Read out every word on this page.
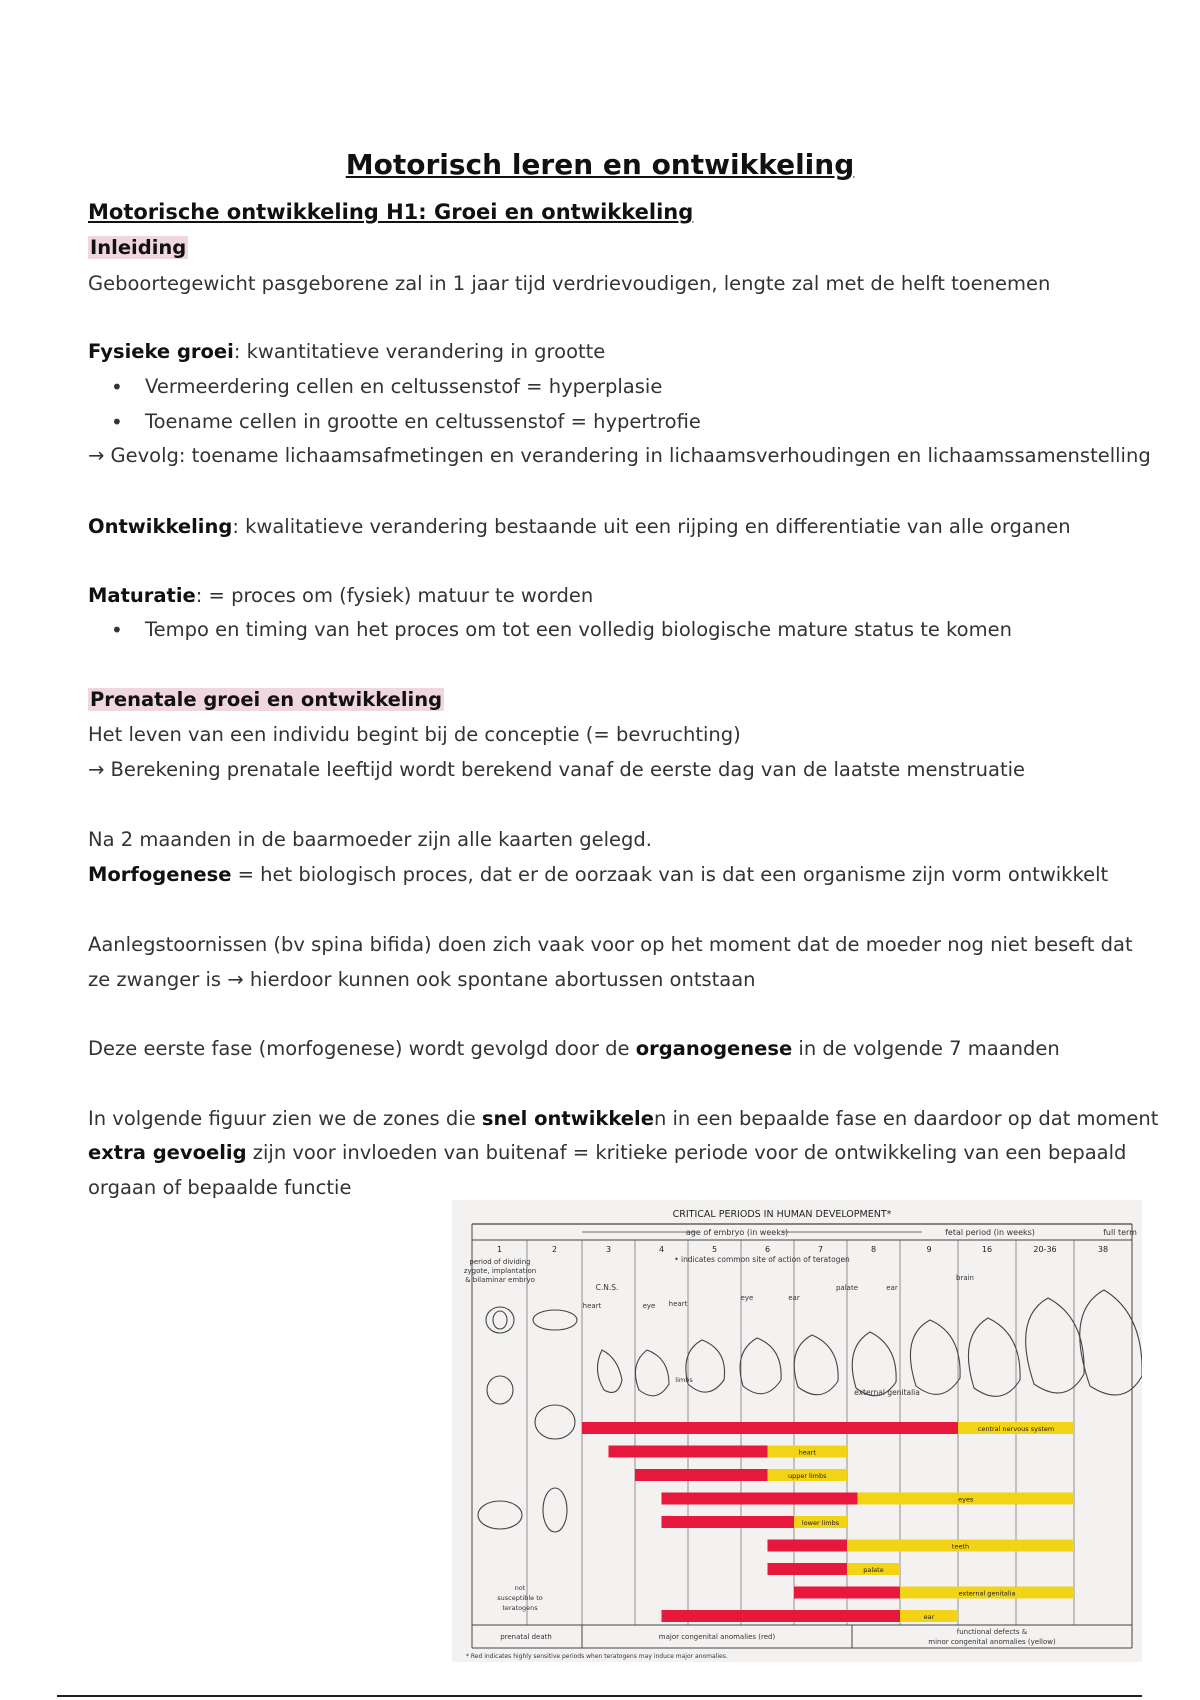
Motorisch leren en ontwikkeling
Motorische ontwikkeling H1: Groei en ontwikkeling
Inleiding
Geboortegewicht pasgeborene zal in 1 jaar tijd verdrievoudigen, lengte zal met de helft toenemen
Fysieke groei: kwantitatieve verandering in grootte
• Vermeerdering cellen en celtussenstof = hyperplasie
• Toename cellen in grootte en celtussenstof = hypertrofie
→ Gevolg: toename lichaamsafmetingen en verandering in lichaamsverhoudingen en lichaamssamenstelling
Ontwikkeling: kwalitatieve verandering bestaande uit een rijping en differentiatie van alle organen
Maturatie: = proces om (fysiek) matuur te worden
• Tempo en timing van het proces om tot een volledig biologische mature status te komen
Prenatale groei en ontwikkeling
Het leven van een individu begint bij de conceptie (= bevruchting)
→ Berekening prenatale leeftijd wordt berekend vanaf de eerste dag van de laatste menstruatie
Na 2 maanden in de baarmoeder zijn alle kaarten gelegd.
Morfogenese = het biologisch proces, dat er de oorzaak van is dat een organisme zijn vorm ontwikkelt
Aanlegstoornissen (bv spina bifida) doen zich vaak voor op het moment dat de moeder nog niet beseft dat
ze zwanger is → hierdoor kunnen ook spontane abortussen ontstaan
Deze eerste fase (morfogenese) wordt gevolgd door de organogenese in de volgende 7 maanden
In volgende figuur zien we de zones die snel ontwikkelen in een bepaalde fase en daardoor op dat moment
extra gevoelig zijn voor invloeden van buitenaf = kritieke periode voor de ontwikkeling van een bepaald
orgaan of bepaalde functie
CRITICAL PERIODS IN HUMAN DEVELOPMENT*
age of embryo (in weeks)	fetal period (in weeks)	full term
1	2	3	4	5	6	7	8	9	16	20-36	38
period of dividing
zygote, implantation
& bilaminar embryo
• indicates common site of action of teratogen
C.N.S.
heart	eye heart
eye	ear
palate	ear
brain
limbs
external genitalia
central nervous system
heart
upper limbs
eyes
lower limbs
teeth
palate
external genitalia
ear
not
susceptible to
teratogens
prenatal death	major congenital anomalies (red)
functional defects &
minor congenital anomalies (yellow)
* Red indicates highly sensitive periods when teratogens may induce major anomalies.
